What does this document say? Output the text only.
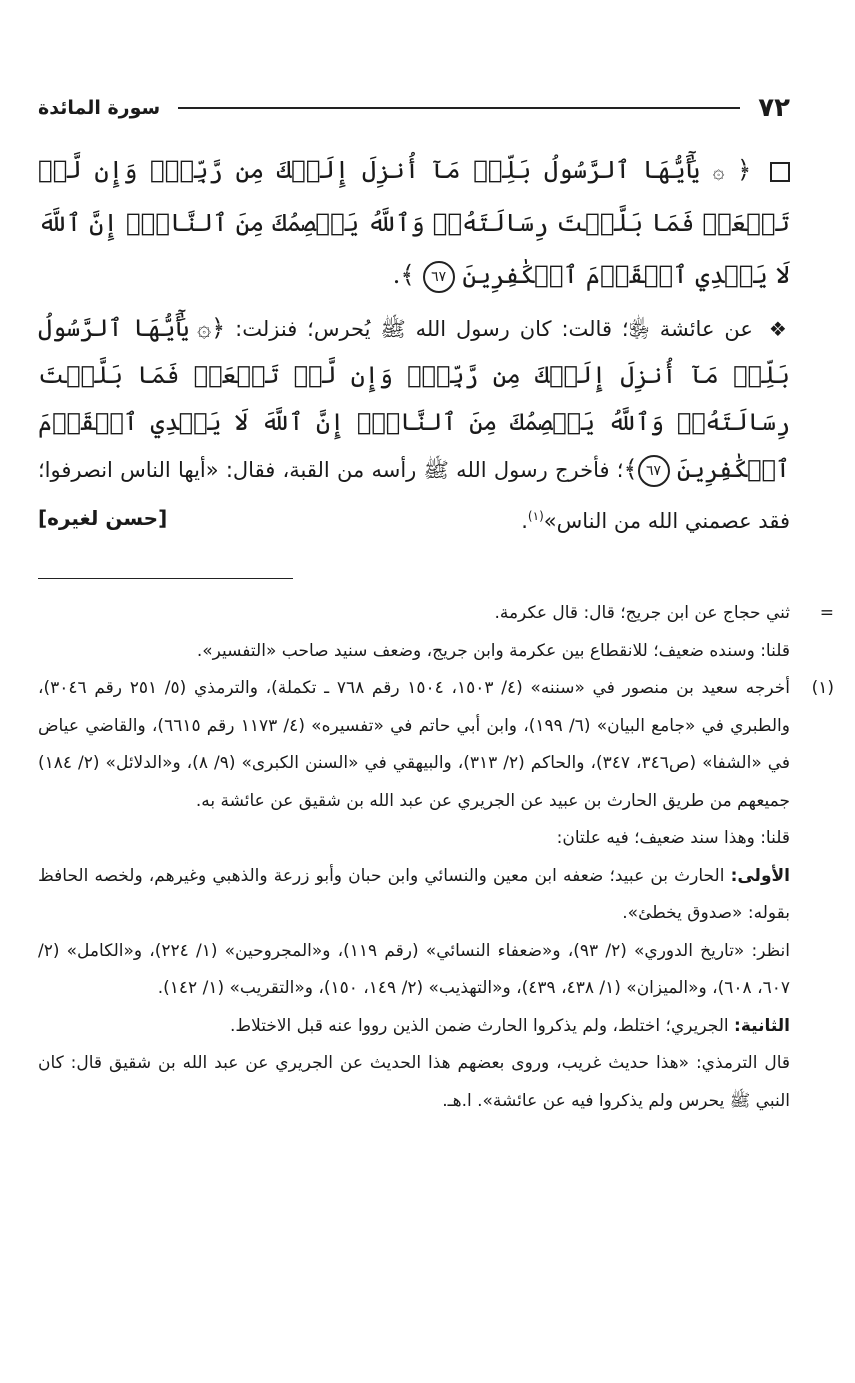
٧٢
سورة المائدة
﴿ ۞ يَٰٓأَيُّهَا ٱلرَّسُولُ بَلِّغۡ مَآ أُنزِلَ إِلَيۡكَ مِن رَّبِّكَۖ وَإِن لَّمۡ تَفۡعَلۡ فَمَا بَلَّغۡتَ رِسَالَتَهُۥۚ وَٱللَّهُ يَعۡصِمُكَ مِنَ ٱلنَّاسِۗ إِنَّ ٱللَّهَ لَا يَهۡدِي ٱلۡقَوۡمَ ٱلۡكَٰفِرِينَ ٦٧ ﴾.
❖ عن عائشة ﵂؛ قالت: كان رسول الله ﷺ يُحرس؛ فنزلت: ﴿۞ يَٰٓأَيُّهَا ٱلرَّسُولُ بَلِّغۡ مَآ أُنزِلَ إِلَيۡكَ مِن رَّبِّكَۖ وَإِن لَّمۡ تَفۡعَلۡ فَمَا بَلَّغۡتَ رِسَالَتَهُۥۚ وَٱللَّهُ يَعۡصِمُكَ مِنَ ٱلنَّاسِۗ إِنَّ ٱللَّهَ لَا يَهۡدِي ٱلۡقَوۡمَ ٱلۡكَٰفِرِينَ ٦٧﴾؛ فأخرج رسول الله ﷺ رأسه من القبة، فقال: «أيها الناس انصرفوا؛ فقد عصمني الله من الناس»$^{(١)}$.
[حسن لغيره]
=
ثني حجاج عن ابن جريج؛ قال: قال عكرمة.
قلنا: وسنده ضعيف؛ للانقطاع بين عكرمة وابن جريج، وضعف سنيد صاحب «التفسير».
(١)
أخرجه سعيد بن منصور في «سننه» (٤/ ١٥٠٣، ١٥٠٤ رقم ٧٦٨ ـ تكملة)، والترمذي (٥/ ٢٥١ رقم ٣٠٤٦)، والطبري في «جامع البيان» (٦/ ١٩٩)، وابن أبي حاتم في «تفسيره» (٤/ ١١٧٣ رقم ٦٦١٥)، والقاضي عياض في «الشفا» (ص٣٤٦، ٣٤٧)، والحاكم (٢/ ٣١٣)، والبيهقي في «السنن الكبرى» (٩/ ٨)، و«الدلائل» (٢/ ١٨٤) جميعهم من طريق الحارث بن عبيد عن الجريري عن عبد الله بن شقيق عن عائشة به.
قلنا: وهذا سند ضعيف؛ فيه علتان:
الأولى: الحارث بن عبيد؛ ضعفه ابن معين والنسائي وابن حبان وأبو زرعة والذهبي وغيرهم، ولخصه الحافظ بقوله: «صدوق يخطئ».
انظر: «تاريخ الدوري» (٢/ ٩٣)، و«ضعفاء النسائي» (رقم ١١٩)، و«المجروحين» (١/ ٢٢٤)، و«الكامل» (٢/ ٦٠٧، ٦٠٨)، و«الميزان» (١/ ٤٣٨، ٤٣٩)، و«التهذيب» (٢/ ١٤٩، ١٥٠)، و«التقريب» (١/ ١٤٢).
الثانية: الجريري؛ اختلط، ولم يذكروا الحارث ضمن الذين رووا عنه قبل الاختلاط.
قال الترمذي: «هذا حديث غريب، وروى بعضهم هذا الحديث عن الجريري عن عبد الله بن شقيق قال: كان النبي ﷺ يحرس ولم يذكروا فيه عن عائشة». ا.هـ.
